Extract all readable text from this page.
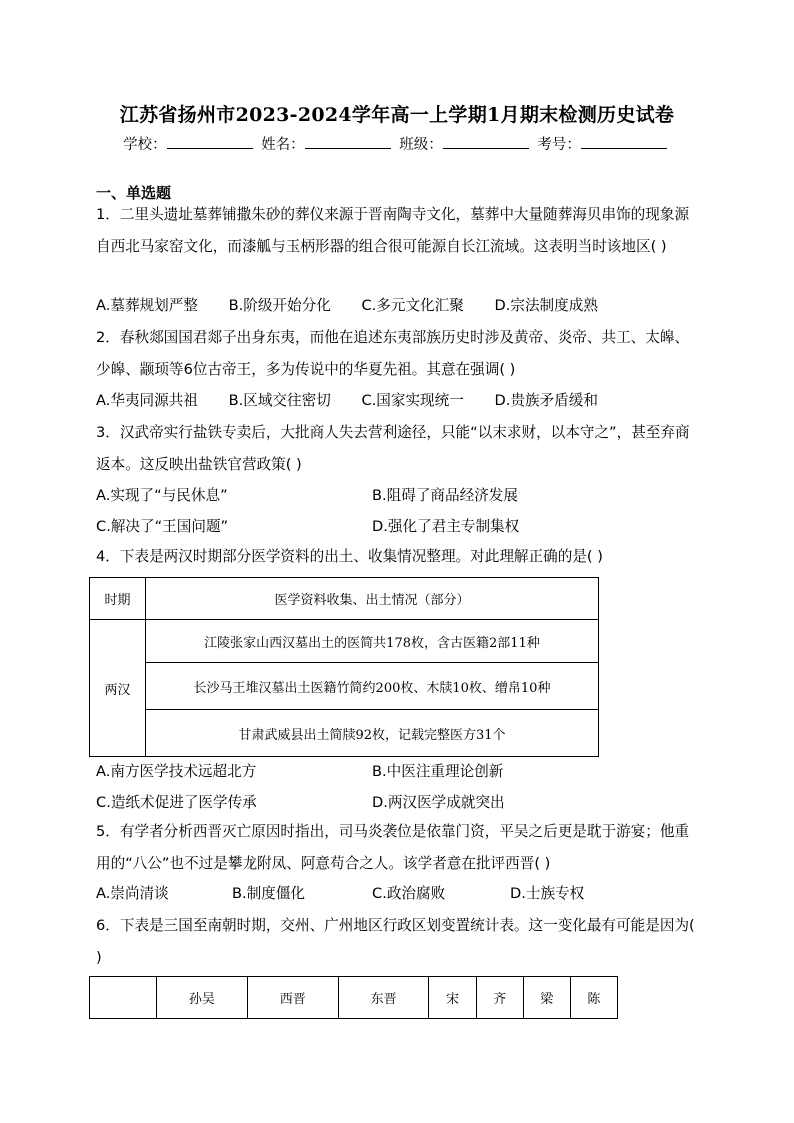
江苏省扬州市2023-2024学年高一上学期1月期末检测历史试卷
学校：	姓名：	班级：	考号：
一、单选题
1．二里头遗址墓葬铺撒朱砂的葬仪来源于晋南陶寺文化，墓葬中大量随葬海贝串饰的现象源自西北马家窑文化，而漆觚与玉柄形器的组合很可能源自长江流域。这表明当时该地区( )
A.墓葬规划严整 B.阶级开始分化 C.多元文化汇聚 D.宗法制度成熟
2．春秋郯国国君郯子出身东夷，而他在追述东夷部族历史时涉及黄帝、炎帝、共工、太皞、少皞、颛顼等6位古帝王，多为传说中的华夏先祖。其意在强调( )
A.华夷同源共祖 B.区域交往密切 C.国家实现统一 D.贵族矛盾缓和
3．汉武帝实行盐铁专卖后，大批商人失去营利途径，只能“以末求财，以本守之”，甚至弃商返本。这反映出盐铁官营政策( )
A.实现了“与民休息”	B.阻碍了商品经济发展
C.解决了“王国问题”	D.强化了君主专制集权
4．下表是两汉时期部分医学资料的出土、收集情况整理。对此理解正确的是( )
时期	医学资料收集、出土情况（部分）
两汉	江陵张家山西汉墓出土的医简共178枚，含古医籍2部11种
	长沙马王堆汉墓出土医籍竹简约200枚、木牍10枚、缯帛10种
	甘肃武威县出土简牍92枚，记载完整医方31个
A.南方医学技术远超北方	B.中医注重理论创新
C.造纸术促进了医学传承	D.两汉医学成就突出
5．有学者分析西晋灭亡原因时指出，司马炎袭位是依靠门资，平吴之后更是耽于游宴；他重用的“八公”也不过是攀龙附凤、阿意苟合之人。该学者意在批评西晋( )
A.崇尚清谈	B.制度僵化	C.政治腐败	D.士族专权
6．下表是三国至南朝时期，交州、广州地区行政区划变置统计表。这一变化最有可能是因为( )
	孙吴	西晋	东晋	宋	齐	梁	陈
